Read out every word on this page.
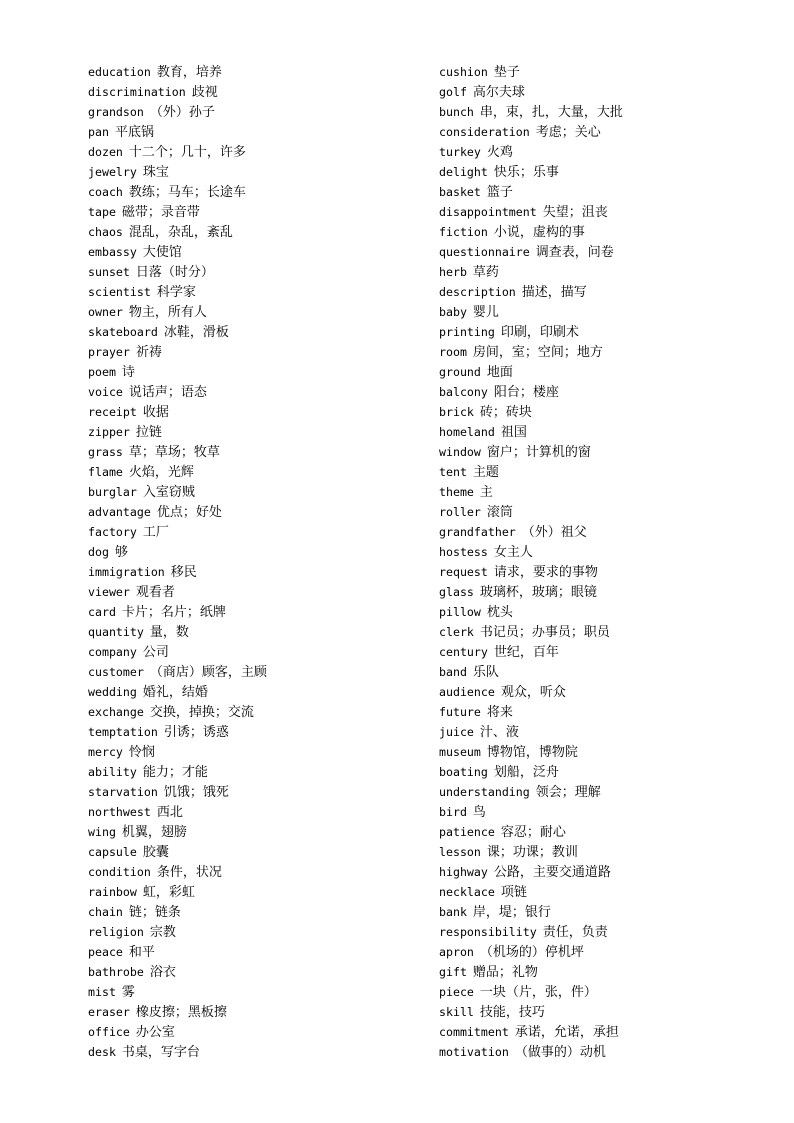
education 教育，培养
discrimination 歧视
grandson （外）孙子
pan 平底锅
dozen 十二个；几十，许多
jewelry 珠宝
coach 教练；马车；长途车
tape 磁带；录音带
chaos 混乱，杂乱，紊乱
embassy 大使馆
sunset 日落（时分）
scientist 科学家
owner 物主，所有人
skateboard 冰鞋，滑板
prayer 祈祷
poem 诗
voice 说话声；语态
receipt 收据
zipper 拉链
grass 草；草场；牧草
flame 火焰，光辉
burglar 入室窃贼
advantage 优点；好处
factory 工厂
dog 够
immigration 移民
viewer 观看者
card 卡片；名片；纸牌
quantity 量，数
company 公司
customer （商店）顾客，主顾
wedding 婚礼，结婚
exchange 交换，掉换；交流
temptation 引诱；诱惑
mercy 怜悯
ability 能力；才能
starvation 饥饿；饿死
northwest 西北
wing 机翼，翅膀
capsule 胶囊
condition 条件，状况
rainbow 虹，彩虹
chain 链；链条
religion 宗教
peace 和平
bathrobe 浴衣
mist 雾
eraser 橡皮擦；黑板擦
office 办公室
desk 书桌，写字台
cushion 垫子
golf 高尔夫球
bunch 串，束，扎，大量，大批
consideration 考虑；关心
turkey 火鸡
delight 快乐；乐事
basket 篮子
disappointment 失望；沮丧
fiction 小说，虚构的事
questionnaire 调查表，问卷
herb 草药
description 描述，描写
baby 婴儿
printing 印刷，印刷术
room 房间，室；空间；地方
ground 地面
balcony 阳台；楼座
brick 砖；砖块
homeland 祖国
window 窗户；计算机的窗
tent 主题
theme 主
roller 滚筒
grandfather （外）祖父
hostess 女主人
request 请求，要求的事物
glass 玻璃杯，玻璃；眼镜
pillow 枕头
clerk 书记员；办事员；职员
century 世纪，百年
band 乐队
audience 观众，听众
future 将来
juice 汁、液
museum 博物馆，博物院
boating 划船，泛舟
understanding 领会；理解
bird 鸟
patience 容忍；耐心
lesson 课；功课；教训
highway 公路，主要交通道路
necklace 项链
bank 岸，堤；银行
responsibility 责任，负责
apron （机场的）停机坪
gift 赠品；礼物
piece 一块（片，张，件）
skill 技能，技巧
commitment 承诺，允诺，承担
motivation （做事的）动机
